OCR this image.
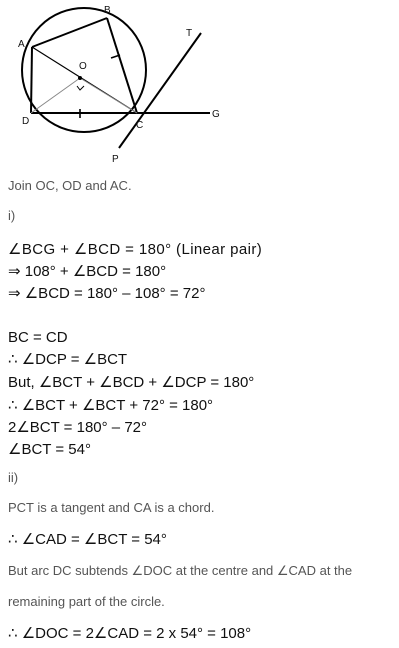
A
B
O
T
D	C
G
P
Join OC, OD and AC.
i)
∠BCG + ∠BCD = 180° (Linear pair)
⇒ 108° + ∠BCD = 180°
⇒ ∠BCD = 180° – 108° = 72°
BC = CD
∴ ∠DCP = ∠BCT
But, ∠BCT + ∠BCD + ∠DCP = 180°
∴ ∠BCT + ∠BCT + 72° = 180°
2∠BCT = 180° – 72°
∠BCT = 54°
ii)
PCT is a tangent and CA is a chord.
∴ ∠CAD = ∠BCT = 54°
But arc DC subtends ∠DOC at the centre and ∠CAD at the
remaining part of the circle.
∴ ∠DOC = 2∠CAD = 2 x 54° = 108°
